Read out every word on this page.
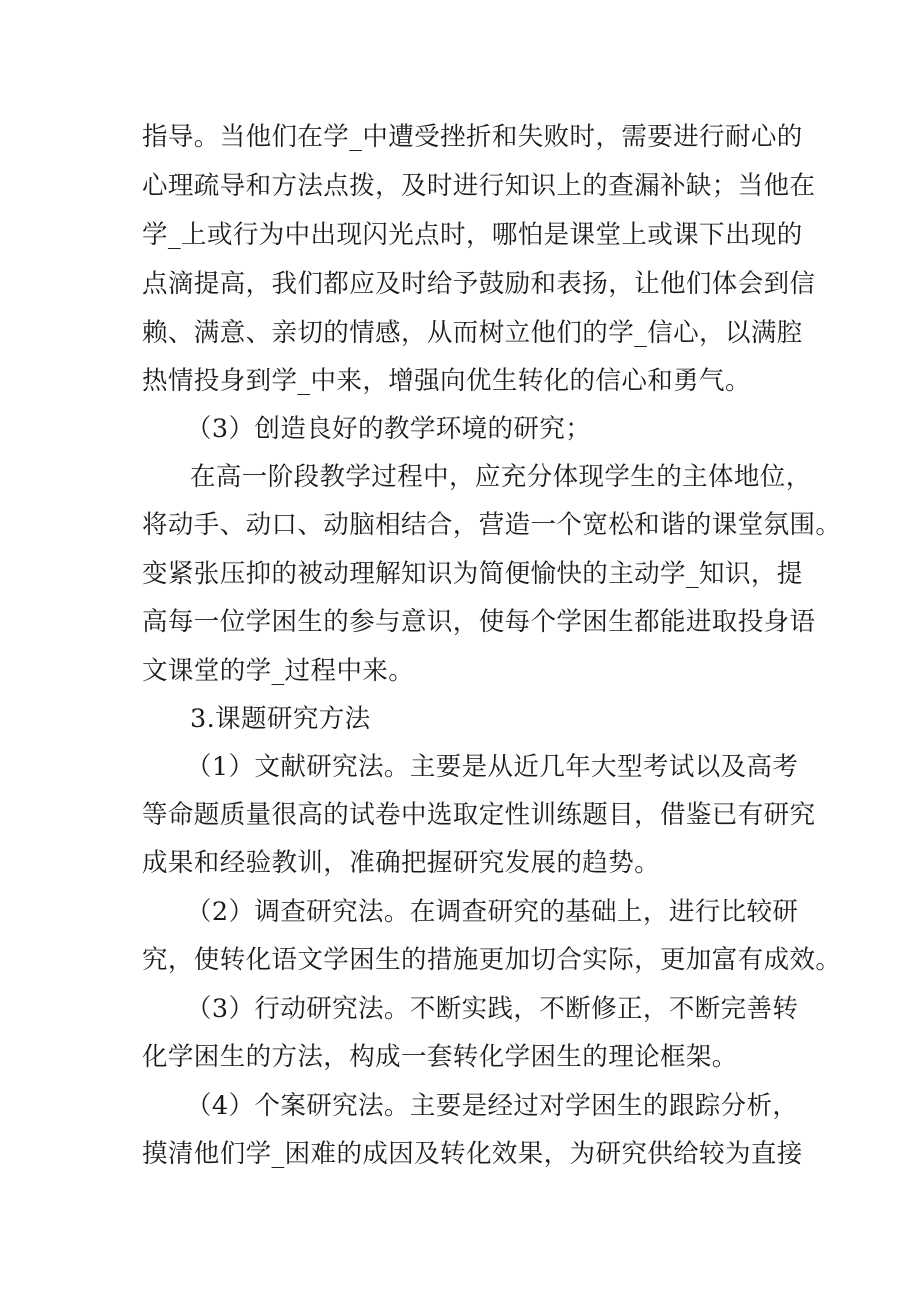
指导。当他们在学_中遭受挫折和失败时，需要进行耐心的
心理疏导和方法点拨，及时进行知识上的查漏补缺；当他在
学_上或行为中出现闪光点时，哪怕是课堂上或课下出现的
点滴提高，我们都应及时给予鼓励和表扬，让他们体会到信
赖、满意、亲切的情感，从而树立他们的学_信心，以满腔
热情投身到学_中来，增强向优生转化的信心和勇气。
（3）创造良好的教学环境的研究；
在高一阶段教学过程中，应充分体现学生的主体地位，
将动手、动口、动脑相结合，营造一个宽松和谐的课堂氛围。
变紧张压抑的被动理解知识为简便愉快的主动学_知识，提
高每一位学困生的参与意识，使每个学困生都能进取投身语
文课堂的学_过程中来。
3.课题研究方法
（1）文献研究法。主要是从近几年大型考试以及高考
等命题质量很高的试卷中选取定性训练题目，借鉴已有研究
成果和经验教训，准确把握研究发展的趋势。
（2）调查研究法。在调查研究的基础上，进行比较研
究，使转化语文学困生的措施更加切合实际，更加富有成效。
（3）行动研究法。不断实践，不断修正，不断完善转
化学困生的方法，构成一套转化学困生的理论框架。
（4）个案研究法。主要是经过对学困生的跟踪分析，
摸清他们学_困难的成因及转化效果，为研究供给较为直接
